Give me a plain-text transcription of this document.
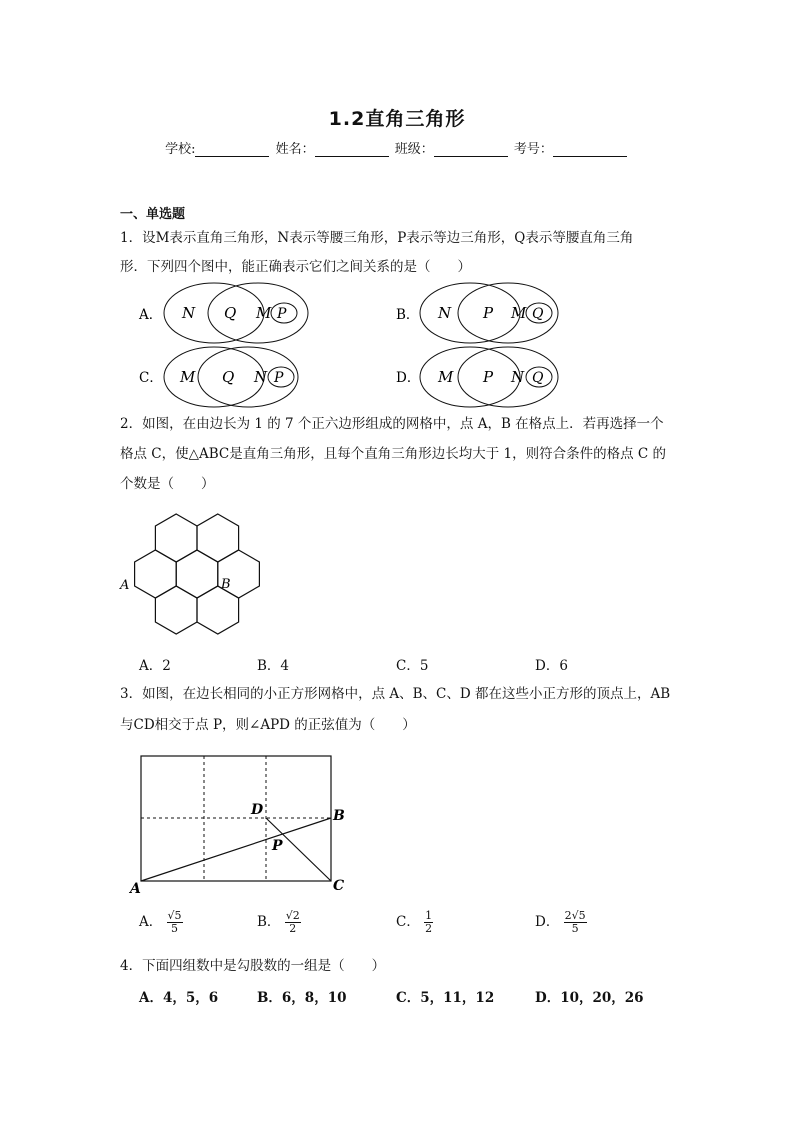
1.2直角三角形
学校:	姓名：	班级：	考号：
一、单选题
1．设M表示直角三角形，N表示等腰三角形，P表示等边三角形，Q表示等腰直角三角
形．下列四个图中，能正确表示它们之间关系的是（　　）
A． N Q M P	B． N P M Q
C． M Q N P	D． M P N Q
A	B
A
B
C
D
P
2．如图，在由边长为 1 的 7 个正六边形组成的网格中，点 A，B 在格点上．若再选择一个
格点 C，使△ABC是直角三角形，且每个直角三角形边长均大于 1，则符合条件的格点 C 的
个数是（　　）
A．2	B．4	C．5	D．6
3．如图，在边长相同的小正方形网格中，点 A、B、C、D 都在这些小正方形的顶点上，AB
与CD相交于点 P，则∠APD 的正弦值为（　　）
A． $\frac{√5}{5}$	B． $\frac{√2}{2}$	C． $\frac{1}{2}$	D． $\frac{2√5}{5}$
4．下面四组数中是勾股数的一组是（　　）
A．4，5，6	B．6，8，10	C．5，11，12	D．10，20，26
